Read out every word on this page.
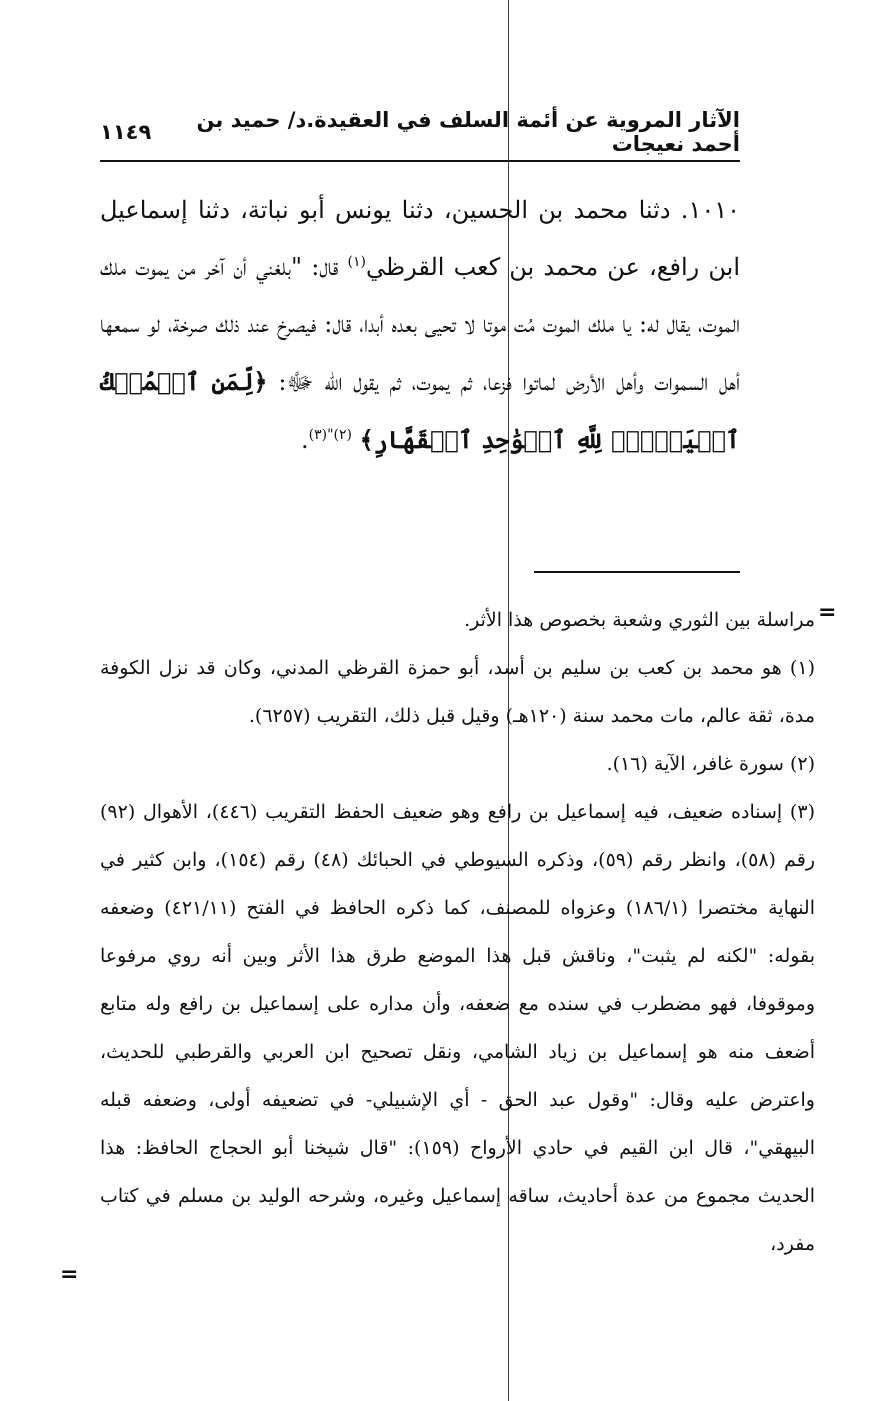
الآثار المروية عن أئمة السلف في العقيدة.د/ حميد بن أحمد نعيجات
١١٤٩

١٠١٠. دثنا محمد بن الحسين، دثنا يونس أبو نباتة، دثنا إسماعيل ابن رافع، عن محمد بن كعب القرظي$^{(١)}$ قال: "بلغني أن آخر من يموت ملك الموت، يقال له: يا ملك الموت مُت موتا لا تحيى بعده أبدا، قال: فيصرخ عند ذلك صرخة، لو سمعها أهل السموات وأهل الأرض لماتوا فزعا، ثم يموت، ثم يقول الله ﷻ: ﴿لِّمَنِ ٱلۡمُلۡكُ ٱلۡيَوۡمَۖ لِلَّهِ ٱلۡوَٰحِدِ ٱلۡقَهَّارِ﴾ $^{(٢)"(٣)}$.

=

مراسلة بين الثوري وشعبة بخصوص هذا الأثر.

(١) هو محمد بن كعب بن سليم بن أسد، أبو حمزة القرظي المدني، وكان قد نزل الكوفة مدة، ثقة عالم، مات محمد سنة (١٢٠هـ) وقيل قبل ذلك، التقريب (٦٢٥٧).

(٢) سورة غافر، الآية (١٦).

(٣) إسناده ضعيف، فيه إسماعيل بن رافع وهو ضعيف الحفظ التقريب (٤٤٦)، الأهوال (٩٢) رقم (٥٨)، وانظر رقم (٥٩)، وذكره السيوطي في الحبائك (٤٨) رقم (١٥٤)، وابن كثير في النهاية مختصرا (١٨٦/١) وعزواه للمصنف، كما ذكره الحافظ في الفتح (٤٢١/١١) وضعفه بقوله: "لكنه لم يثبت"، وناقش قبل هذا الموضع طرق هذا الأثر وبين أنه روي مرفوعا وموقوفا، فهو مضطرب في سنده مع ضعفه، وأن مداره على إسماعيل بن رافع وله متابع أضعف منه هو إسماعيل بن زياد الشامي، ونقل تصحيح ابن العربي والقرطبي للحديث، واعترض عليه وقال: "وقول عبد الحق - أي الإشبيلي- في تضعيفه أولى، وضعفه قبله البيهقي"، قال ابن القيم في حادي الأرواح (١٥٩): "قال شيخنا أبو الحجاج الحافظ: هذا الحديث مجموع من عدة أحاديث، ساقه إسماعيل وغيره، وشرحه الوليد بن مسلم في كتاب مفرد،

=
